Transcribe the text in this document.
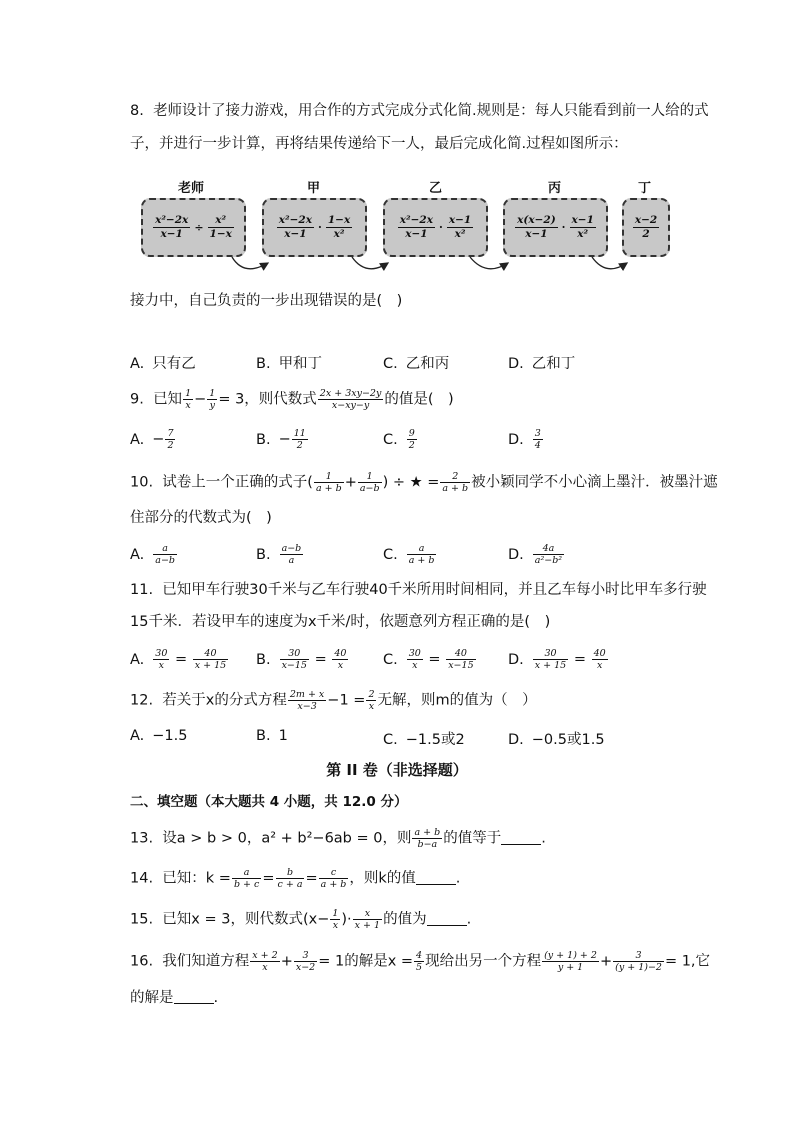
8. 老师设计了接力游戏，用合作的方式完成分式化简.规则是：每人只能看到前一人给的式
子，并进行一步计算，再将结果传递给下一人，最后完成化简.过程如图所示：
老师	甲	乙	丙	丁
$\frac{\text{x²−2x}}{x-1} \div \frac{\text{x²}}{1-x}$	$\frac{\text{x²−2x}}{x-1} \cdot \frac{1-x}{\text{x²}}$	$\frac{\text{x²−2x}}{x-1} \cdot \frac{x-1}{\text{x²}}$	$\frac{x(x-2)}{x-1} \cdot \frac{x-1}{\text{x²}}$	$\frac{x-2}{2}$
接力中，自己负责的一步出现错误的是(　)
A. 只有乙	B. 甲和丁	C. 乙和丙	D. 乙和丁
9. 已知 $\frac{1}{x} - \frac{1}{y} = 3$，则代数式 $\frac{2x + 3xy-2y}{x-xy-y}$ 的值是(　)
A. − $\frac{7}{2}$	B. − $\frac{11}{2}$	C. $\frac{9}{2}$	D. $\frac{3}{4}$
10. 试卷上一个正确的式子( $\frac{1}{a + b} + \frac{1}{a-b}$ ) ÷ ★ = $\frac{2}{a + b}$ 被小颖同学不小心滴上墨汁．被墨汁遮
住部分的代数式为(　)
A. $\frac{a}{a-b}$	B. $\frac{a-b}{a}$	C. $\frac{a}{a + b}$	D. $\frac{4a}{\text{a²−b²}}$
11. 已知甲车行驶30千米与乙车行驶40千米所用时间相同，并且乙车每小时比甲车多行驶
15千米．若设甲车的速度为x千米/时，依题意列方程正确的是(　)
A. $\frac{30}{x} = \frac{40}{x + 15} B$. $\frac{30}{x-15} = \frac{40}{x} C$. $\frac{30}{x} = \frac{40}{x-15} D$. $\frac{30}{x + 15} = \frac{40}{x}$
12. 若关于x的分式方程 $\frac{2m + x}{x-3} -1 = \frac{2}{x}$ 无解，则m的值为（　）
A. −1.5	B. 1	C. −1.5或2	D. −0.5或1.5
第 II 卷（非选择题）
二、填空题（本大题共 4 小题，共 12.0 分）
13. 设a > b > 0，a² + b²−6ab = 0，则 $\frac{a + b}{b-a}$ 的值等于	.
14. 已知：$k = \frac{a}{b + c} = \frac{b}{c + a} = \frac{c}{a + b}$ ，则k的值	.
15. 已知x = 3，则代数式($x- \frac{1}{x}$ )· $\frac{x}{x + 1}$ 的值为	.
16. 我们知道方程 $\frac{x + 2}{x} + \frac{3}{x-2} = 1$的解是$x = \frac{4}{5}$ 现给出另一个方程 $\frac{(y + 1) + 2}{y + 1} + \frac{3}{(y + 1)-2} = 1$,它
的解是	.
